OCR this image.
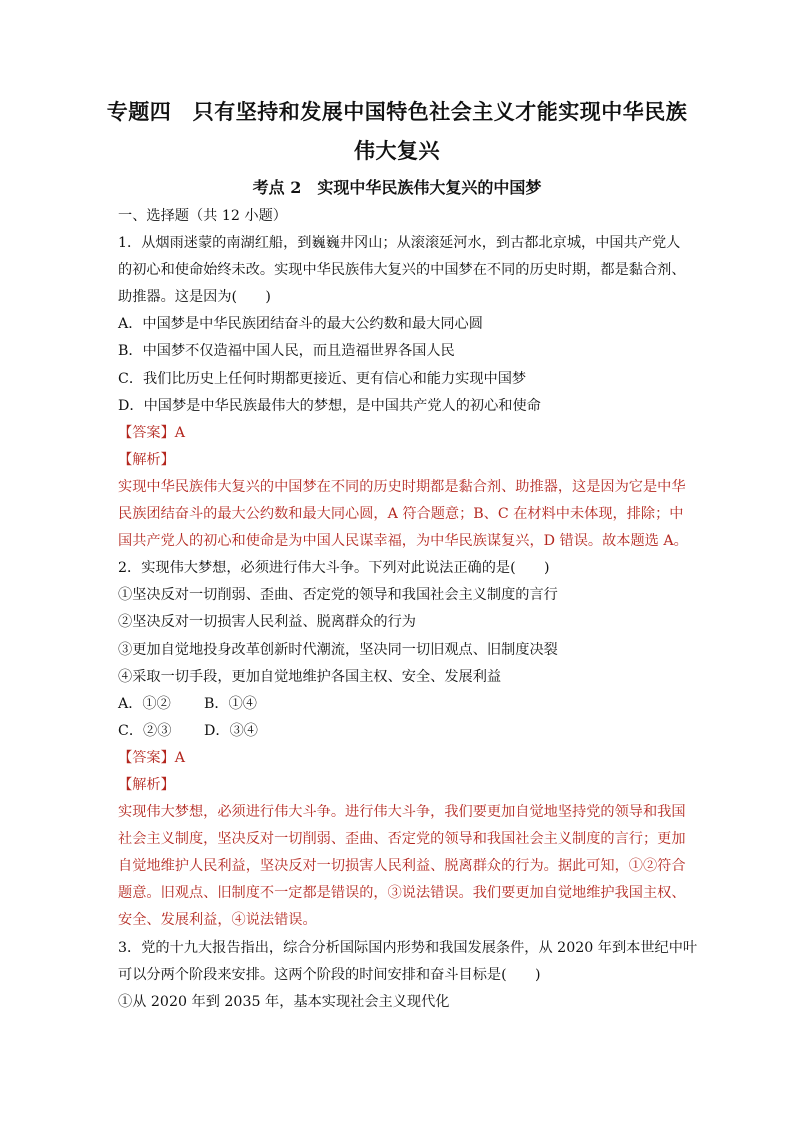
专题四　只有坚持和发展中国特色社会主义才能实现中华民族
伟大复兴
考点 2　实现中华民族伟大复兴的中国梦
一、选择题（共 12 小题）
1．从烟雨迷蒙的南湖红船，到巍巍井冈山；从滚滚延河水，到古都北京城，中国共产党人
的初心和使命始终未改。实现中华民族伟大复兴的中国梦在不同的历史时期，都是黏合剂、
助推器。这是因为(　　)
A．中国梦是中华民族团结奋斗的最大公约数和最大同心圆
B．中国梦不仅造福中国人民，而且造福世界各国人民
C．我们比历史上任何时期都更接近、更有信心和能力实现中国梦
D．中国梦是中华民族最伟大的梦想，是中国共产党人的初心和使命
【答案】A
【解析】
实现中华民族伟大复兴的中国梦在不同的历史时期都是黏合剂、助推器，这是因为它是中华
民族团结奋斗的最大公约数和最大同心圆，A 符合题意；B、C 在材料中未体现，排除；中
国共产党人的初心和使命是为中国人民谋幸福，为中华民族谋复兴，D 错误。故本题选 A。
2．实现伟大梦想，必须进行伟大斗争。下列对此说法正确的是(　　)
①坚决反对一切削弱、歪曲、否定党的领导和我国社会主义制度的言行
②坚决反对一切损害人民利益、脱离群众的行为
③更加自觉地投身改革创新时代潮流，坚决同一切旧观点、旧制度决裂
④采取一切手段，更加自觉地维护各国主权、安全、发展利益
A．①② B．①④
C．②③ D．③④
【答案】A
【解析】
实现伟大梦想，必须进行伟大斗争。进行伟大斗争，我们要更加自觉地坚持党的领导和我国
社会主义制度，坚决反对一切削弱、歪曲、否定党的领导和我国社会主义制度的言行；更加
自觉地维护人民利益，坚决反对一切损害人民利益、脱离群众的行为。据此可知，①②符合
题意。旧观点、旧制度不一定都是错误的，③说法错误。我们要更加自觉地维护我国主权、
安全、发展利益，④说法错误。
3．党的十九大报告指出，综合分析国际国内形势和我国发展条件，从 2020 年到本世纪中叶
可以分两个阶段来安排。这两个阶段的时间安排和奋斗目标是(　　)
①从 2020 年到 2035 年，基本实现社会主义现代化
